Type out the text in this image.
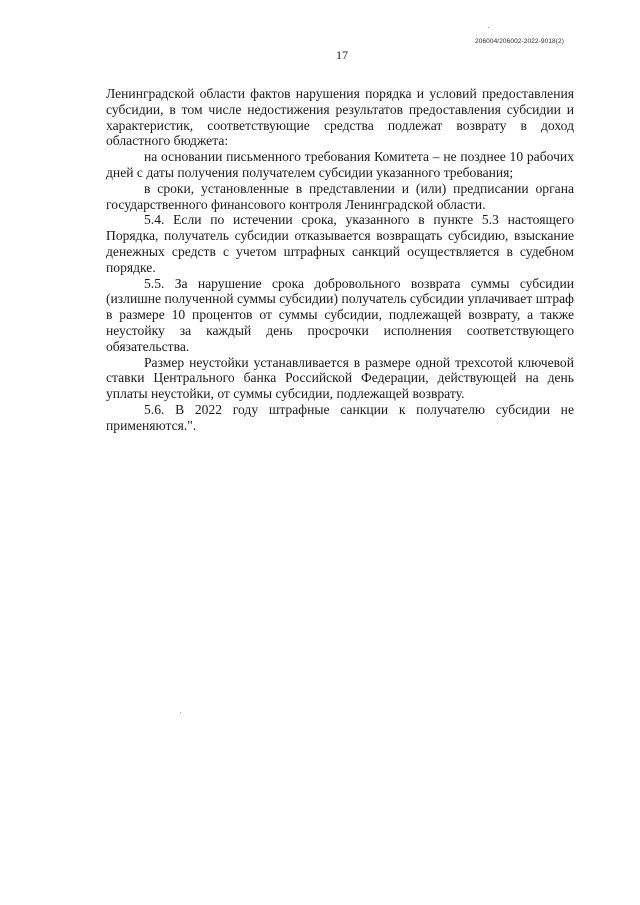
206004/206002-2022-9018(2)
17

Ленинградской области фактов нарушения порядка и условий предоставления субсидии, в том числе недостижения результатов предоставления субсидии и характеристик, соответствующие средства подлежат возврату в доход областного бюджета:

на основании письменного требования Комитета – не позднее 10 рабочих дней с даты получения получателем субсидии указанного требования;

в сроки, установленные в представлении и (или) предписании органа государственного финансового контроля Ленинградской области.

5.4. Если по истечении срока, указанного в пункте 5.3 настоящего Порядка, получатель субсидии отказывается возвращать субсидию, взыскание денежных средств с учетом штрафных санкций осуществляется в судебном порядке.

5.5. За нарушение срока добровольного возврата суммы субсидии (излишне полученной суммы субсидии) получатель субсидии уплачивает штраф в размере 10 процентов от суммы субсидии, подлежащей возврату, а также неустойку за каждый день просрочки исполнения соответствующего обязательства.

Размер неустойки устанавливается в размере одной трехсотой ключевой ставки Центрального банка Российской Федерации, действующей на день уплаты неустойки, от суммы субсидии, подлежащей возврату.

5.6. В 2022 году штрафные санкции к получателю субсидии не применяются.".
